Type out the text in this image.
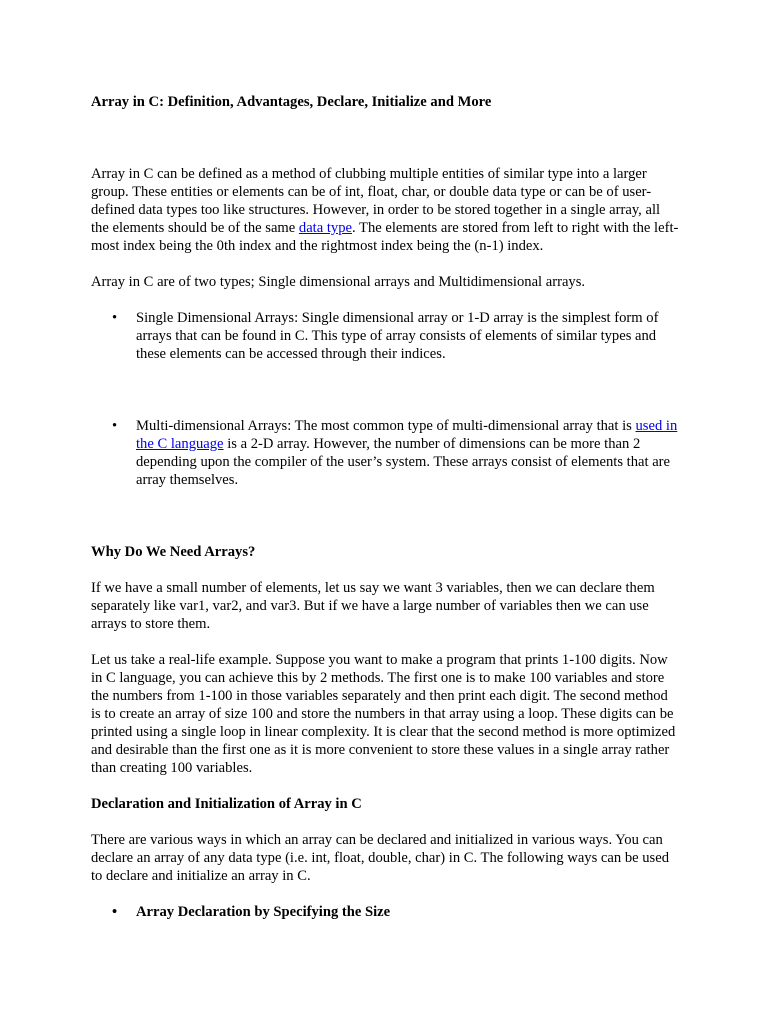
Array in C: Definition, Advantages, Declare, Initialize and More

Array in C can be defined as a method of clubbing multiple entities of similar type into a larger group. These entities or elements can be of int, float, char, or double data type or can be of user-defined data types too like structures. However, in order to be stored together in a single array, all the elements should be of the same data type. The elements are stored from left to right with the left-most index being the 0th index and the rightmost index being the (n-1) index.

Array in C are of two types; Single dimensional arrays and Multidimensional arrays.

• Single Dimensional Arrays: Single dimensional array or 1-D array is the simplest form of arrays that can be found in C. This type of array consists of elements of similar types and these elements can be accessed through their indices.
• Multi-dimensional Arrays: The most common type of multi-dimensional array that is used in the C language is a 2-D array. However, the number of dimensions can be more than 2 depending upon the compiler of the user’s system. These arrays consist of elements that are array themselves.

Why Do We Need Arrays?

If we have a small number of elements, let us say we want 3 variables, then we can declare them separately like var1, var2, and var3. But if we have a large number of variables then we can use arrays to store them.

Let us take a real-life example. Suppose you want to make a program that prints 1-100 digits. Now in C language, you can achieve this by 2 methods. The first one is to make 100 variables and store the numbers from 1-100 in those variables separately and then print each digit. The second method is to create an array of size 100 and store the numbers in that array using a loop. These digits can be printed using a single loop in linear complexity. It is clear that the second method is more optimized and desirable than the first one as it is more convenient to store these values in a single array rather than creating 100 variables.

Declaration and Initialization of Array in C

There are various ways in which an array can be declared and initialized in various ways. You can declare an array of any data type (i.e. int, float, double, char) in C. The following ways can be used to declare and initialize an array in C.

• Array Declaration by Specifying the Size
